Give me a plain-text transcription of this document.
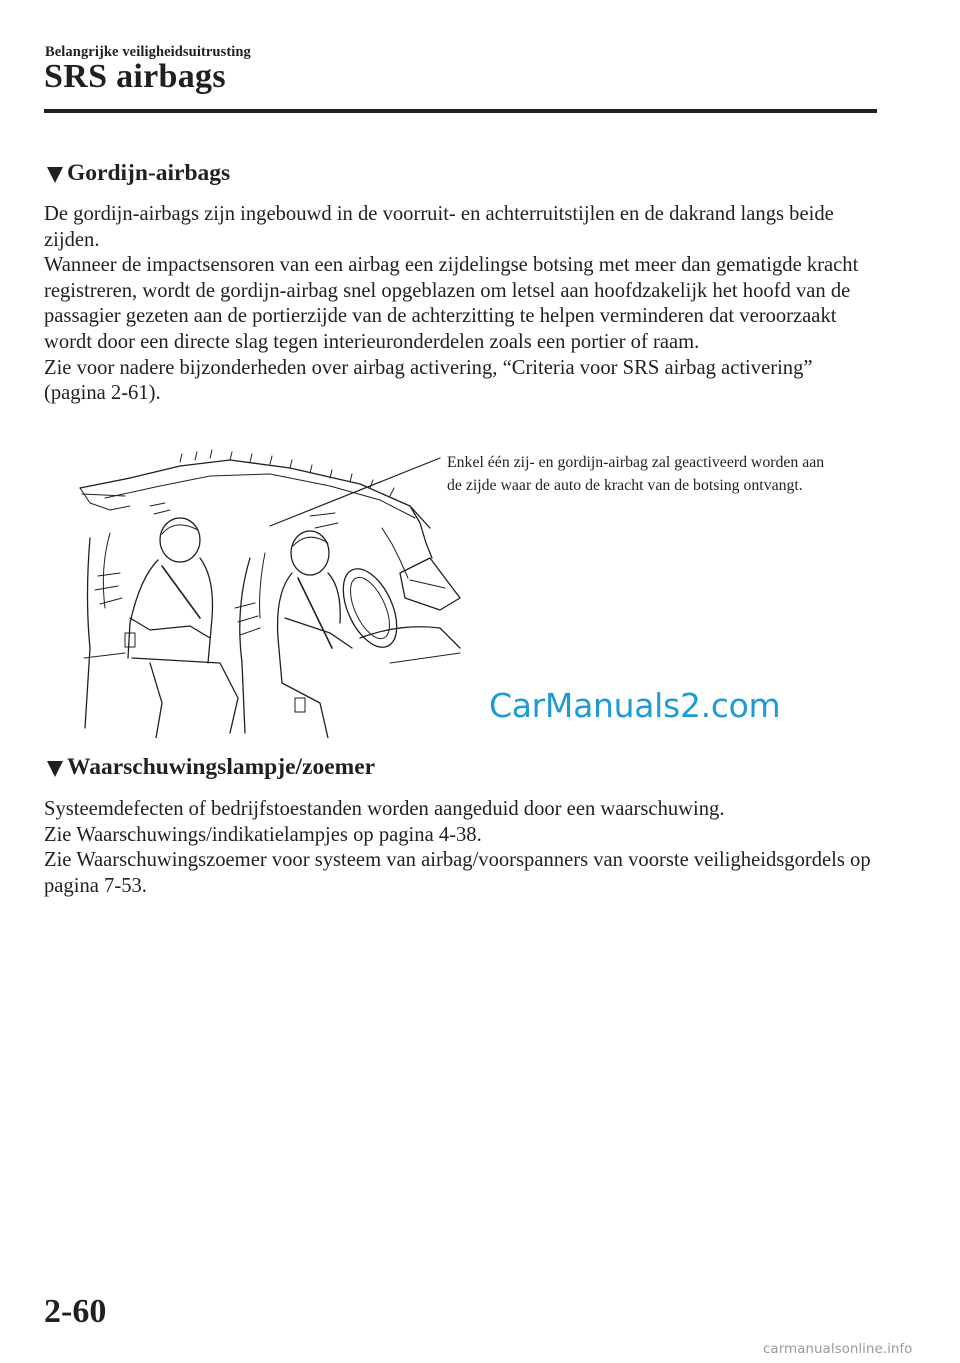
Belangrijke veiligheidsuitrusting
SRS airbags
Gordijn-airbags

De gordijn-airbags zijn ingebouwd in de voorruit- en achterruitstijlen en de dakrand langs beide zijden.

Wanneer de impactsensoren van een airbag een zijdelingse botsing met meer dan gematigde kracht registreren, wordt de gordijn-airbag snel opgeblazen om letsel aan hoofdzakelijk het hoofd van de passagier gezeten aan de portierzijde van de achterzitting te helpen verminderen dat veroorzaakt wordt door een directe slag tegen interieuronderdelen zoals een portier of raam.

Zie voor nadere bijzonderheden over airbag activering, “Criteria voor SRS airbag activering” (pagina 2-61).

Enkel één zij- en gordijn-airbag zal geactiveerd worden aan de zijde waar de auto de kracht van de botsing ontvangt.
CarManuals2.com
Waarschuwingslampje/zoemer

Systeemdefecten of bedrijfstoestanden worden aangeduid door een waarschuwing.

Zie Waarschuwings/indikatielampjes op pagina 4-38.

Zie Waarschuwingszoemer voor systeem van airbag/voorspanners van voorste veiligheidsgordels op pagina 7-53.

2-60
carmanualsonline.info
